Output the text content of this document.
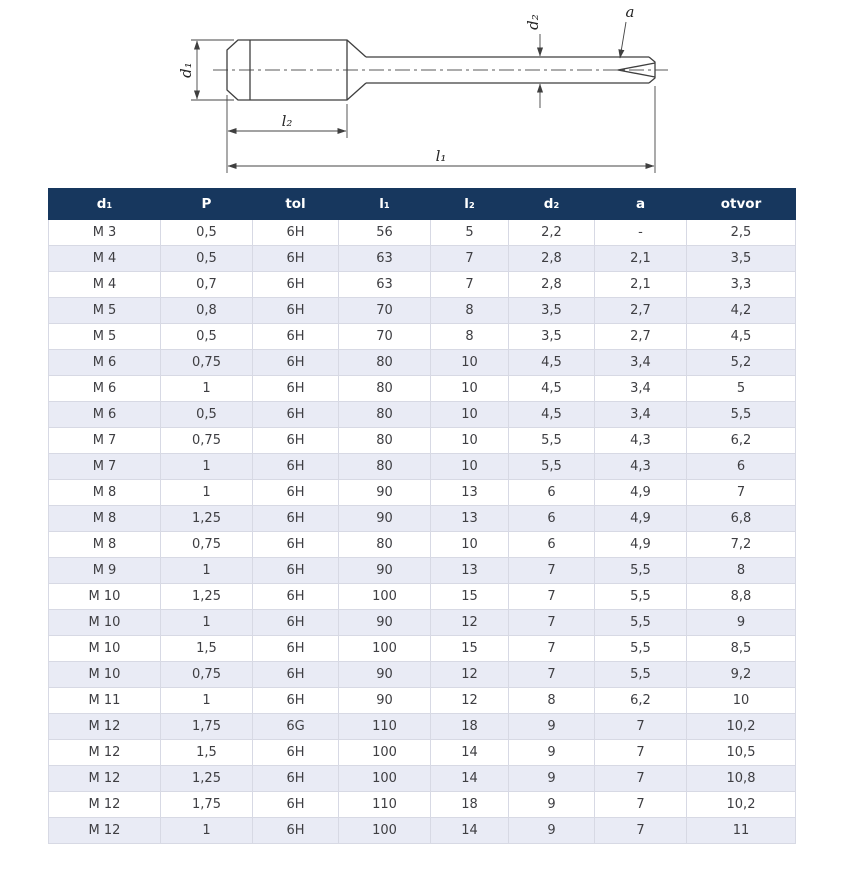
d₁
d₂
a
l₂
l₁
d₁	P	tol	l₁	l₂	d₂	a	otvor
M 3	0,5	6H	56	5	2,2	-	2,5
M 4	0,5	6H	63	7	2,8	2,1	3,5
M 4	0,7	6H	63	7	2,8	2,1	3,3
M 5	0,8	6H	70	8	3,5	2,7	4,2
M 5	0,5	6H	70	8	3,5	2,7	4,5
M 6	0,75	6H	80	10	4,5	3,4	5,2
M 6	1	6H	80	10	4,5	3,4	5
M 6	0,5	6H	80	10	4,5	3,4	5,5
M 7	0,75	6H	80	10	5,5	4,3	6,2
M 7	1	6H	80	10	5,5	4,3	6
M 8	1	6H	90	13	6	4,9	7
M 8	1,25	6H	90	13	6	4,9	6,8
M 8	0,75	6H	80	10	6	4,9	7,2
M 9	1	6H	90	13	7	5,5	8
M 10	1,25	6H	100	15	7	5,5	8,8
M 10	1	6H	90	12	7	5,5	9
M 10	1,5	6H	100	15	7	5,5	8,5
M 10	0,75	6H	90	12	7	5,5	9,2
M 11	1	6H	90	12	8	6,2	10
M 12	1,75	6G	110	18	9	7	10,2
M 12	1,5	6H	100	14	9	7	10,5
M 12	1,25	6H	100	14	9	7	10,8
M 12	1,75	6H	110	18	9	7	10,2
M 12	1	6H	100	14	9	7	11
